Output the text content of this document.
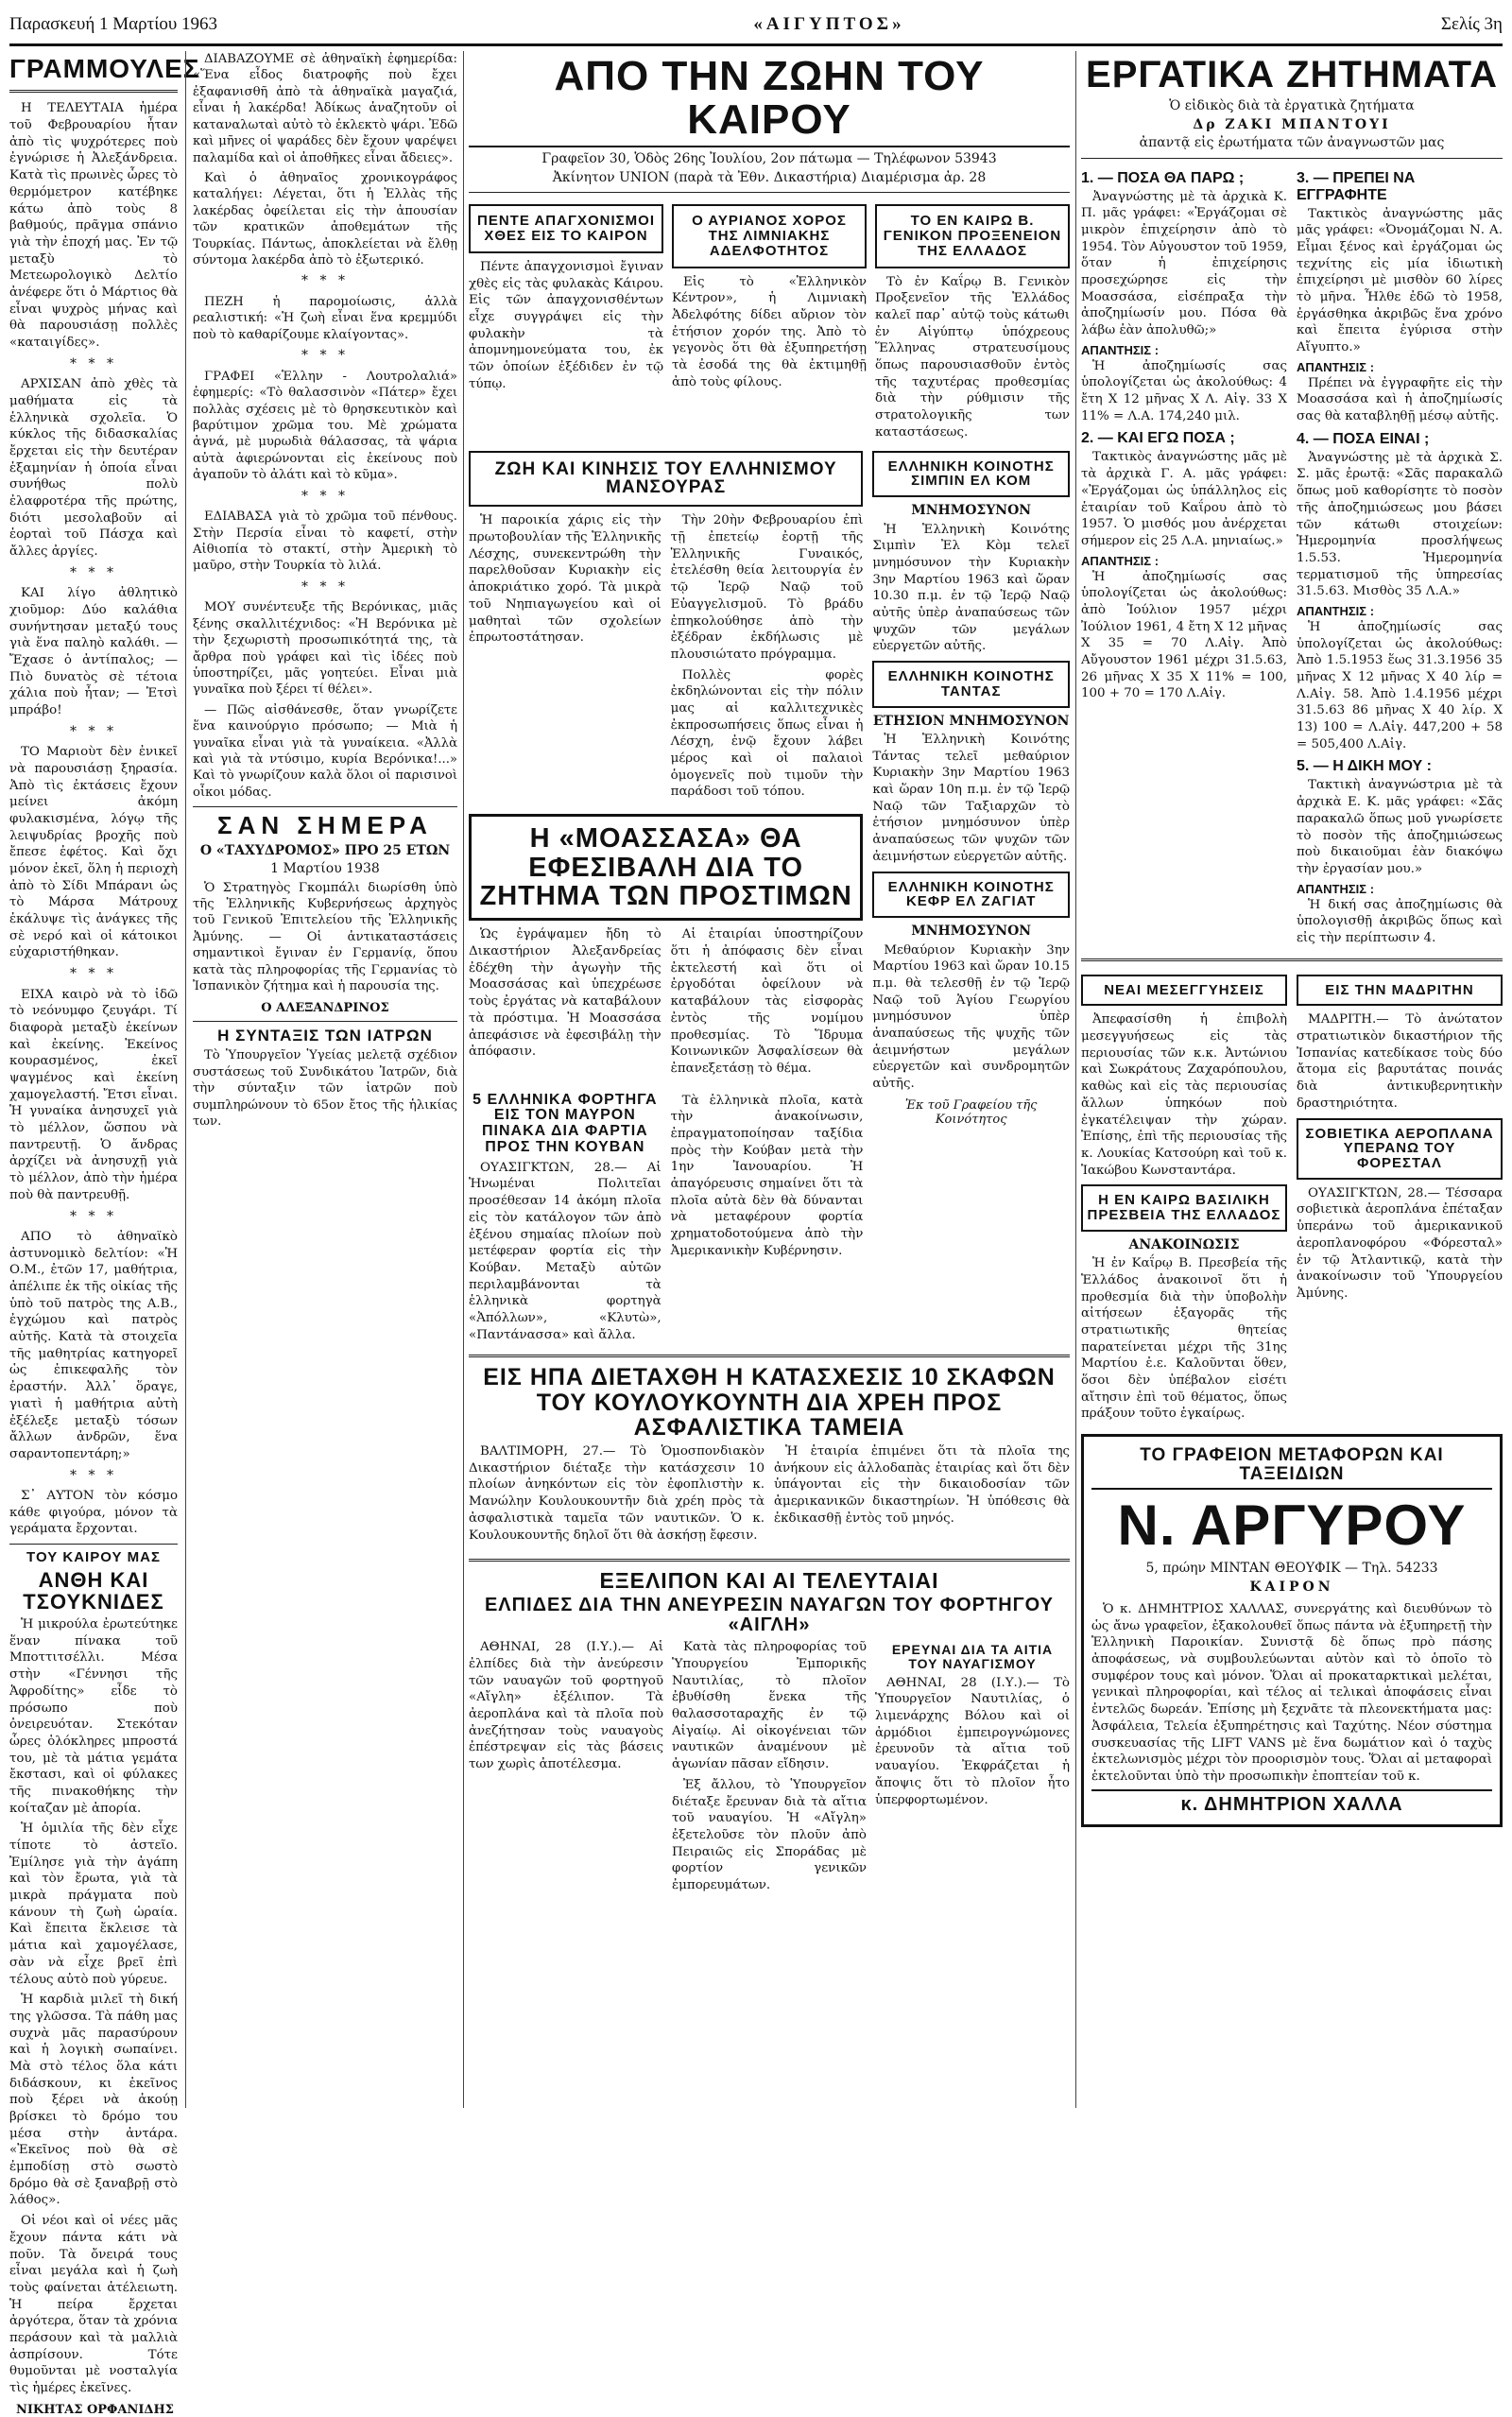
Παρασκευή 1 Μαρτίου 1963	«ΑΙΓΥΠΤΟΣ»	Σελίς 3η
ΓΡΑΜΜΟΥΛΕΣ

Η ΤΕΛΕΥΤΑΙΑ ἡμέρα τοῦ Φεβρουαρίου ἦταν ἀπὸ τὶς ψυχρότερες ποὺ ἐγνώρισε ἡ Ἀλεξάνδρεια. Κατὰ τὶς πρωινὲς ὧρες τὸ θερμόμετρον κατέβηκε κάτω ἀπὸ τοὺς 8 βαθμούς, πρᾶγμα σπάνιο γιὰ τὴν ἐποχή μας. Ἐν τῷ μεταξὺ τὸ Μετεωρολογικὸ Δελτίο ἀνέφερε ὅτι ὁ Μάρτιος θὰ εἶναι ψυχρὸς μήνας καὶ θὰ παρουσιάσῃ πολλὲς «καταιγίδες».

* * *

ΑΡΧΙΣΑΝ ἀπὸ χθὲς τὰ μαθήματα εἰς τὰ ἑλληνικὰ σχολεῖα. Ὁ κύκλος τῆς διδασκαλίας ἔρχεται εἰς τὴν δευτέραν ἑξαμηνίαν ἡ ὁποία εἶναι συνήθως πολὺ ἐλαφροτέρα τῆς πρώτης, διότι μεσολαβοῦν αἱ ἑορταὶ τοῦ Πάσχα καὶ ἄλλες ἀργίες.

* * *

ΚΑΙ λίγο ἀθλητικὸ χιοῦμορ: Δύο καλάθια συνήντησαν μεταξύ τους γιὰ ἕνα παληὸ καλάθι. — Ἔχασε ὁ ἀντίπαλος; — Πιὸ δυνατὸς σὲ τέτοια χάλια ποὺ ἦταν; — Ἐτσὶ μπράβο!

* * *

ΤΟ Μαριοὺτ δὲν ἐνικεῖ νὰ παρουσιάσῃ ξηρασία. Ἀπὸ τὶς ἐκτάσεις ἔχουν μείνει ἀκόμη φυλακισμένα, λόγῳ τῆς λειψυδρίας βροχῆς ποὺ ἔπεσε ἐφέτος. Καὶ ὄχι μόνον ἐκεῖ, ὅλη ἡ περιοχὴ ἀπὸ τὸ Σίδι Μπάρανι ὡς τὸ Μάρσα Μάτρουχ ἐκάλυψε τὶς ἀνάγκες τῆς σὲ νερό καὶ οἱ κάτοικοι εὐχαριστήθηκαν.

* * *

ΕΙΧΑ καιρὸ νὰ τὸ ἰδῶ τὸ νεόνυμφο ζευγάρι. Τί διαφορὰ μεταξὺ ἐκείνων καὶ ἐκείνης. Ἐκείνος κουρασμένος, ἐκεῖ ψαγμένος καὶ ἐκείνη χαμογελαστή. Ἔτσι εἶναι. Ἡ γυναίκα ἀνησυχεῖ γιὰ τὸ μέλλον, ὥσπου νὰ παντρευτῇ. Ὁ ἄνδρας ἀρχίζει νὰ ἀνησυχῇ γιὰ τὸ μέλλον, ἀπὸ τὴν ἡμέρα ποὺ θὰ παντρευθῇ.

* * *

ΑΠΟ τὸ ἀθηναϊκὸ ἀστυνομικὸ δελτίον: «Ἡ Ο.Μ., ἐτῶν 17, μαθήτρια, ἀπέλιπε ἐκ τῆς οἰκίας τῆς ὑπὸ τοῦ πατρὸς της Α.Β., ἐγχώμου καὶ πατρὸς αὐτῆς. Κατὰ τὰ στοιχεῖα τῆς μαθητρίας κατηγορεῖ ὡς ἐπικεφαλῆς τὸν ἐραστήν. Ἀλλ᾽ ὅραγε, γιατὶ ἡ μαθήτρια αὐτὴ ἐξέλεξε μεταξὺ τόσων ἄλλων ἀνδρῶν, ἕνα σαραντοπεντάρη;»

* * *

Σ᾽ ΑΥΤΟΝ τὸν κόσμο κάθε φιγούρα, μόνον τὰ γεράματα ἔρχονται.

ΤΟΥ ΚΑΙΡΟΥ ΜΑΣ
ΑΝΘΗ ΚΑΙ ΤΣΟΥΚΝΙΔΕΣ

Ἡ μικρούλα ἐρωτεύτηκε ἕναν πίνακα τοῦ Μποττιτσέλλι. Μέσα στὴν «Γέννησι τῆς Ἀφροδίτης» εἶδε τὸ πρόσωπο ποὺ ὀνειρευόταν. Στεκόταν ὧρες ὁλόκληρες μπροστά του, μὲ τὰ μάτια γεμάτα ἔκστασι, καὶ οἱ φύλακες τῆς πινακοθήκης τὴν κοίταζαν μὲ ἀπορία.

Ἡ ὁμιλία τῆς δὲν εἶχε τίποτε τὸ ἀστεῖο. Ἐμίλησε γιὰ τὴν ἀγάπη καὶ τὸν ἔρωτα, γιὰ τὰ μικρὰ πράγματα ποὺ κάνουν τὴ ζωὴ ὡραία. Καὶ ἔπειτα ἔκλεισε τὰ μάτια καὶ χαμογέλασε, σὰν νὰ εἶχε βρεῖ ἐπὶ τέλους αὐτὸ ποὺ γύρευε.

Ἡ καρδιὰ μιλεῖ τὴ δική της γλῶσσα. Τὰ πάθη μας συχνὰ μᾶς παρασύρουν καὶ ἡ λογικὴ σωπαίνει. Μὰ στὸ τέλος ὅλα κάτι διδάσκουν, κι ἐκεῖνος ποὺ ξέρει νὰ ἀκούῃ βρίσκει τὸ δρόμο του μέσα στὴν ἀντάρα. «Ἐκεῖνος ποὺ θὰ σὲ ἐμποδίσῃ στὸ σωστὸ δρόμο θὰ σὲ ξαναβρῇ στὸ λάθος».

Οἱ νέοι καὶ οἱ νέες μᾶς ἔχουν πάντα κάτι νὰ ποῦν. Τὰ ὄνειρά τους εἶναι μεγάλα καὶ ἡ ζωὴ τοὺς φαίνεται ἀτέλειωτη. Ἡ πείρα ἔρχεται ἀργότερα, ὅταν τὰ χρόνια περάσουν καὶ τὰ μαλλιὰ ἀσπρίσουν. Τότε θυμοῦνται μὲ νοσταλγία τὶς ἡμέρες ἐκεῖνες.

ΝΙΚΗΤΑΣ ΟΡΦΑΝΙΔΗΣ

ΔΙΑΒΑΖΟΥΜΕ σὲ ἀθηναϊκὴ ἐφημερίδα: «Ἕνα εἶδος διατροφῆς ποὺ ἔχει ἐξαφανισθῆ ἀπὸ τὰ ἀθηναϊκὰ μαγαζιά, εἶναι ἡ λακέρδα! Ἀδίκως ἀναζητοῦν οἱ καταναλωταὶ αὐτὸ τὸ ἐκλεκτὸ ψάρι. Ἐδῶ καὶ μῆνες οἱ ψαράδες δὲν ἔχουν ψαρέψει παλαμίδα καὶ οἱ ἀποθῆκες εἶναι ἄδειες».

Καὶ ὁ ἀθηναῖος χρονικογράφος καταλήγει: Λέγεται, ὅτι ἡ Ἑλλὰς τῆς λακέρδας ὀφείλεται εἰς τὴν ἀπουσίαν τῶν κρατικῶν ἀποθεμάτων τῆς Τουρκίας. Πάντως, ἀποκλείεται νὰ ἔλθῃ σύντομα λακέρδα ἀπὸ τὸ ἐξωτερικό.

* * *

ΠΕΖΗ ἡ παρομοίωσις, ἀλλὰ ρεαλιστική: «Ἡ ζωὴ εἶναι ἕνα κρεμμύδι ποὺ τὸ καθαρίζουμε κλαίγοντας».

* * *

ΓΡΑΦΕΙ «Ἑλλην - Λουτρολαλιά» ἐφημερίς: «Τὸ θαλασσινὸν «Πάτερ» ἔχει πολλὰς σχέσεις μὲ τὸ θρησκευτικὸν καὶ βαρύτιμον χρῶμα του. Μὲ χρώματα ἁγνά, μὲ μυρωδιὰ θάλασσας, τὰ ψάρια αὐτὰ ἀφιερώνονται εἰς ἐκείνους ποὺ ἀγαποῦν τὸ ἀλάτι καὶ τὸ κῦμα».

* * *

ΕΔΙΑΒΑΣΑ γιὰ τὸ χρῶμα τοῦ πένθους. Στὴν Περσία εἶναι τὸ καφετί, στὴν Αἰθιοπία τὸ στακτί, στὴν Ἀμερικὴ τὸ μαῦρο, στὴν Τουρκία τὸ λιλά.

* * *

ΜΟΥ συνέντευξε τῆς Βερόνικας, μιᾶς ξένης σκαλλιτέχνιδος: «Ἡ Βερόνικα μὲ τὴν ξεχωριστὴ προσωπικότητά της, τὰ ἄρθρα ποὺ γράφει καὶ τὶς ἰδέες ποὺ ὑποστηρίζει, μᾶς γοητεύει. Εἶναι μιὰ γυναῖκα ποὺ ξέρει τί θέλει».

— Πῶς αἰσθάνεσθε, ὅταν γνωρίζετε ἕνα καινούργιο πρόσωπο; — Μιὰ ἡ γυναῖκα εἶναι γιὰ τὰ γυναίκεια. «Ἀλλὰ καὶ γιὰ τὰ ντύσιμο, κυρία Βερόνικα!...» Καὶ τὸ γνωρίζουν καλὰ ὅλοι οἱ παρισινοὶ οἶκοι μόδας.

ΣΑΝ ΣΗΜΕΡΑ
Ο «ΤΑΧΥΔΡΟΜΟΣ» ΠΡΟ 25 ΕΤΩΝ
1 Μαρτίου 1938

Ὁ Στρατηγὸς Γκομπάλι διωρίσθη ὑπὸ τῆς Ἑλληνικῆς Κυβερνήσεως ἀρχηγὸς τοῦ Γενικοῦ Ἐπιτελείου τῆς Ἑλληνικῆς Ἀμύνης. — Οἱ ἀντικαταστάσεις σημαντικοὶ ἔγιναν ἐν Γερμανίᾳ, ὅπου κατὰ τὰς πληροφορίας τῆς Γερμανίας τὸ Ἰσπανικὸν ζήτημα καὶ ἡ παρουσία της.

Ο ΑΛΕΞΑΝΔΡΙΝΟΣ
Η ΣΥΝΤΑΞΙΣ ΤΩΝ ΙΑΤΡΩΝ

Τὸ Ὑπουργεῖον Ὑγείας μελετᾷ σχέδιον συστάσεως τοῦ Συνδικάτου Ἰατρῶν, διὰ τὴν σύνταξιν τῶν ἰατρῶν ποὺ συμπληρώνουν τὸ 65ον ἔτος τῆς ἡλικίας των.

ΑΠΟ ΤΗΝ ΖΩΗΝ ΤΟΥ ΚΑΙΡΟΥ
Γραφεῖον 30, Ὁδὸς 26ης Ἰουλίου, 2ον πάτωμα — Τηλέφωνον 53943
Ἀκίνητον UNION (παρὰ τὰ Ἐθν. Δικαστήρια) Διαμέρισμα ἀρ. 28
ΠΕΝΤΕ ΑΠΑΓΧΟΝΙΣΜΟΙ ΧΘΕΣ ΕΙΣ ΤΟ ΚΑΙΡΟΝ

Πέντε ἀπαγχονισμοὶ ἔγιναν χθὲς εἰς τὰς φυλακὰς Κάιρου. Εἰς τῶν ἀπαγχονισθέντων εἶχε συγγράψει εἰς τὴν φυλακὴν τὰ ἀπομνημονεύματα του, ἐκ τῶν ὁποίων ἐξέδιδεν ἐν τῷ τύπῳ.

Ο ΑΥΡΙΑΝΟΣ ΧΟΡΟΣ ΤΗΣ ΛΙΜΝΙΑΚΗΣ ΑΔΕΛΦΟΤΗΤΟΣ

Εἰς τὸ «Ἑλληνικὸν Κέντρον», ἡ Λιμνιακὴ Ἀδελφότης δίδει αὔριον τὸν ἐτήσιον χορόν της. Ἀπὸ τὸ γεγονὸς ὅτι θὰ ἐξυπηρετήσῃ τὰ ἐσοδά της θὰ ἐκτιμηθῇ ἀπὸ τοὺς φίλους.

ΤΟ ΕΝ ΚΑΙΡΩ Β. ΓΕΝΙΚΟΝ ΠΡΟΞΕΝΕΙΟΝ ΤΗΣ ΕΛΛΑΔΟΣ

Τὸ ἐν Καΐρῳ Β. Γενικὸν Προξενεῖον τῆς Ἑλλάδος καλεῖ παρ᾽ αὐτῷ τοὺς κάτωθι ἐν Αἰγύπτῳ ὑπόχρεους Ἕλληνας στρατευσίμους ὅπως παρουσιασθοῦν ἐντὸς τῆς ταχυτέρας προθεσμίας διὰ τὴν ρύθμισιν τῆς στρατολογικῆς των καταστάσεως.

ΖΩΗ ΚΑΙ ΚΙΝΗΣΙΣ ΤΟΥ ΕΛΛΗΝΙΣΜΟΥ ΜΑΝΣΟΥΡΑΣ

Ἡ παροικία χάρις εἰς τὴν πρωτοβουλίαν τῆς Ἑλληνικῆς Λέσχης, συνεκεντρώθη τὴν παρελθοῦσαν Κυριακὴν εἰς ἀποκριάτικο χορό. Τὰ μικρὰ τοῦ Νηπιαγωγείου καὶ οἱ μαθηταὶ τῶν σχολείων ἐπρωτοστάτησαν.

Τὴν 20ὴν Φεβρουαρίου ἐπὶ τῇ ἐπετείῳ ἐορτῇ τῆς Ἑλληνικῆς Γυναικός, ἐτελέσθη θεία λειτουργία ἐν τῷ Ἱερῷ Ναῷ τοῦ Εὐαγγελισμοῦ. Τὸ βράδυ ἐπηκολούθησε ἀπὸ τὴν ἐξέδραν ἐκδήλωσις μὲ πλουσιώτατο πρόγραμμα.

Πολλὲς φορὲς ἐκδηλώνονται εἰς τὴν πόλιν μας αἱ καλλιτεχνικὲς ἐκπροσωπήσεις ὅπως εἶναι ἡ Λέσχη, ἐνῷ ἔχουν λάβει μέρος καὶ οἱ παλαιοὶ ὁμογενεῖς ποὺ τιμοῦν τὴν παράδοσι τοῦ τόπου.

Η «ΜΟΑΣΣΑΣΑ» ΘΑ ΕΦΕΣΙΒΑΛΗ ΔΙΑ ΤΟ ΖΗΤΗΜΑ ΤΩΝ ΠΡΟΣΤΙΜΩΝ

Ὡς ἐγράψαμεν ἤδη τὸ Δικαστήριον Ἀλεξανδρείας ἐδέχθη τὴν ἀγωγὴν τῆς Μοασσάσας καὶ ὑπεχρέωσε τοὺς ἐργάτας νὰ καταβάλουν τὰ πρόστιμα. Ἡ Μοασσάσα ἀπεφάσισε νὰ ἐφεσιβάλῃ τὴν ἀπόφασιν.

Αἱ ἑταιρίαι ὑποστηρίζουν ὅτι ἡ ἀπόφασις δὲν εἶναι ἐκτελεστή καὶ ὅτι οἱ ἐργοδόται ὀφείλουν νὰ καταβάλουν τὰς εἰσφορὰς ἐντὸς τῆς νομίμου προθεσμίας. Τὸ Ἵδρυμα Κοινωνικῶν Ἀσφαλίσεων θὰ ἐπανεξετάσῃ τὸ θέμα.

5 ΕΛΛΗΝΙΚΑ ΦΟΡΤΗΓΑ ΕΙΣ ΤΟΝ ΜΑΥΡΟΝ ΠΙΝΑΚΑ ΔΙΑ ΦΑΡΤΙΑ ΠΡΟΣ ΤΗΝ ΚΟΥΒΑΝ

ΟΥΑΣΙΓΚΤΩΝ, 28.— Αἱ Ἡνωμέναι Πολιτεῖαι προσέθεσαν 14 ἀκόμη πλοῖα εἰς τὸν κατάλογον τῶν ἀπὸ ἐξένου σημαίας πλοίων ποὺ μετέφεραν φορτία εἰς τὴν Κούβαν. Μεταξὺ αὐτῶν περιλαμβάνονται τὰ ἑλληνικὰ φορτηγὰ «Ἀπόλλων», «Κλυτὼ», «Παντάνασσα» καὶ ἄλλα.

Τὰ ἑλληνικὰ πλοῖα, κατὰ τὴν ἀνακοίνωσιν, ἐπραγματοποίησαν ταξίδια πρὸς τὴν Κούβαν μετὰ τὴν 1ην Ἰανουαρίου. Ἡ ἀπαγόρευσις σημαίνει ὅτι τὰ πλοῖα αὐτὰ δὲν θὰ δύνανται νὰ μεταφέρουν φορτία χρηματοδοτούμενα ἀπὸ τὴν Ἀμερικανικὴν Κυβέρνησιν.

ΕΛΛΗΝΙΚΗ ΚΟΙΝΟΤΗΣ ΣΙΜΠΙΝ ΕΛ ΚΟΜ
ΜΝΗΜΟΣΥΝΟΝ

Ἡ Ἑλληνικὴ Κοινότης Σιμπὶν Ἐλ Κὸμ τελεῖ μνημόσυνον τὴν Κυριακὴν 3ην Μαρτίου 1963 καὶ ὥραν 10.30 π.μ. ἐν τῷ Ἱερῷ Ναῷ αὐτῆς ὑπὲρ ἀναπαύσεως τῶν ψυχῶν τῶν μεγάλων εὐεργετῶν αὐτῆς.

ΕΛΛΗΝΙΚΗ ΚΟΙΝΟΤΗΣ ΤΑΝΤΑΣ
ΕΤΗΣΙΟΝ ΜΝΗΜΟΣΥΝΟΝ

Ἡ Ἑλληνικὴ Κοινότης Τάντας τελεῖ μεθαύριον Κυριακὴν 3ην Μαρτίου 1963 καὶ ὥραν 10η π.μ. ἐν τῷ Ἱερῷ Ναῷ τῶν Ταξιαρχῶν τὸ ἐτήσιον μνημόσυνον ὑπὲρ ἀναπαύσεως τῶν ψυχῶν τῶν ἀειμνήστων εὐεργετῶν αὐτῆς.

ΕΛΛΗΝΙΚΗ ΚΟΙΝΟΤΗΣ ΚΕΦΡ ΕΛ ΖΑΓΙΑΤ
ΜΝΗΜΟΣΥΝΟΝ

Μεθαύριον Κυριακὴν 3ην Μαρτίου 1963 καὶ ὥραν 10.15 π.μ. θὰ τελεσθῇ ἐν τῷ Ἱερῷ Ναῷ τοῦ Ἁγίου Γεωργίου μνημόσυνον ὑπὲρ ἀναπαύσεως τῆς ψυχῆς τῶν ἀειμνήστων μεγάλων εὐεργετῶν καὶ συνδρομητῶν αὐτῆς.

Ἐκ τοῦ Γραφείου τῆς Κοινότητος
ΕΙΣ ΗΠΑ ΔΙΕΤΑΧΘΗ Η ΚΑΤΑΣΧΕΣΙΣ 10 ΣΚΑΦΩΝ ΤΟΥ ΚΟΥΛΟΥΚΟΥΝΤΗ ΔΙΑ ΧΡΕΗ ΠΡΟΣ ΑΣΦΑΛΙΣΤΙΚΑ ΤΑΜΕΙΑ

ΒΑΛΤΙΜΟΡΗ, 27.— Τὸ Ὁμοσπονδιακὸν Δικαστήριον διέταξε τὴν κατάσχεσιν 10 πλοίων ἀνηκόντων εἰς τὸν ἐφοπλιστὴν κ. Μανώλην Κουλουκουντῆν διὰ χρέη πρὸς τὰ ἀσφαλιστικὰ ταμεῖα τῶν ναυτικῶν. Ὁ κ. Κουλουκουντῆς δηλοῖ ὅτι θὰ ἀσκήσῃ ἔφεσιν.

Ἡ ἑταιρία ἐπιμένει ὅτι τὰ πλοῖα της ἀνήκουν εἰς ἀλλοδαπὰς ἑταιρίας καὶ ὅτι δὲν ὑπάγονται εἰς τὴν δικαιοδοσίαν τῶν ἀμερικανικῶν δικαστηρίων. Ἡ ὑπόθεσις θὰ ἐκδικασθῇ ἐντὸς τοῦ μηνός.

ΕΞΕΛΙΠΟΝ ΚΑΙ ΑΙ ΤΕΛΕΥΤΑΙΑΙ
ΕΛΠΙΔΕΣ ΔΙΑ ΤΗΝ ΑΝΕΥΡΕΣΙΝ ΝΑΥΑΓΩΝ ΤΟΥ ΦΟΡΤΗΓΟΥ «ΑΙΓΛΗ»

ΑΘΗΝΑΙ, 28 (Ι.Υ.).— Αἱ ἐλπίδες διὰ τὴν ἀνεύρεσιν τῶν ναυαγῶν τοῦ φορτηγοῦ «Αἴγλη» ἐξέλιπον. Τὰ ἀεροπλάνα καὶ τὰ πλοῖα ποὺ ἀνεζήτησαν τοὺς ναυαγοὺς ἐπέστρεψαν εἰς τὰς βάσεις των χωρὶς ἀποτέλεσμα.

Κατὰ τὰς πληροφορίας τοῦ Ὑπουργείου Ἐμπορικῆς Ναυτιλίας, τὸ πλοῖον ἐβυθίσθη ἕνεκα τῆς θαλασσοταραχῆς ἐν τῷ Αἰγαίῳ. Αἱ οἰκογένειαι τῶν ναυτικῶν ἀναμένουν μὲ ἀγωνίαν πᾶσαν εἴδησιν.

Ἐξ ἄλλου, τὸ Ὑπουργεῖον διέταξε ἔρευναν διὰ τὰ αἴτια τοῦ ναυαγίου. Ἡ «Αἴγλη» ἐξετελοῦσε τὸν πλοῦν ἀπὸ Πειραιῶς εἰς Σποράδας μὲ φορτίον γενικῶν ἐμπορευμάτων.

ΕΡΕΥΝΑΙ ΔΙΑ ΤΑ ΑΙΤΙΑ ΤΟΥ ΝΑΥΑΓΙΣΜΟΥ

ΑΘΗΝΑΙ, 28 (Ι.Υ.).— Τὸ Ὑπουργεῖον Ναυτιλίας, ὁ λιμενάρχης Βόλου καὶ οἱ ἁρμόδιοι ἐμπειρογνώμονες ἐρευνοῦν τὰ αἴτια τοῦ ναυαγίου. Ἐκφράζεται ἡ ἄποψις ὅτι τὸ πλοῖον ἦτο ὑπερφορτωμένον.

ΕΡΓΑΤΙΚΑ ΖΗΤΗΜΑΤΑ
Ὁ εἰδικὸς διὰ τὰ ἐργατικὰ ζητήματα
Δρ ΖΑΚΙ ΜΠΑΝΤΟΥΙ
ἀπαντᾷ εἰς ἐρωτήματα τῶν ἀναγνωστῶν μας
1. — ΠΟΣΑ ΘΑ ΠΑΡΩ ;

Ἀναγνώστης μὲ τὰ ἀρχικὰ Κ. Π. μᾶς γράφει: «Ἐργάζομαι σὲ μικρὸν ἐπιχείρησιν ἀπὸ τὸ 1954. Τὸν Αὐγουστον τοῦ 1959, ὅταν ἡ ἐπιχείρησις προσεχώρησε εἰς τὴν Μοασσάσα, εἰσέπραξα τὴν ἀποζημίωσίν μου. Πόσα θὰ λάβω ἐὰν ἀπολυθῶ;»

ΑΠΑΝΤΗΣΙΣ :

Ἡ ἀποζημίωσίς σας ὑπολογίζεται ὡς ἀκολούθως: 4 ἔτη Χ 12 μῆνας Χ Λ. Αἰγ. 33 Χ 11% = Λ.Α. 174,240 μιλ.

2. — ΚΑΙ ΕΓΩ ΠΟΣΑ ;

Τακτικὸς ἀναγνώστης μᾶς μὲ τὰ ἀρχικὰ Γ. Α. μᾶς γράφει: «Ἐργάζομαι ὡς ὑπάλληλος εἰς ἑταιρίαν τοῦ Καΐρου ἀπὸ τὸ 1957. Ὁ μισθός μου ἀνέρχεται σήμερον εἰς 25 Λ.Α. μηνιαίως.»

ΑΠΑΝΤΗΣΙΣ :

Ἡ ἀποζημίωσίς σας ὑπολογίζεται ὡς ἀκολούθως: ἀπὸ Ἰούλιον 1957 μέχρι Ἰούλιον 1961, 4 ἔτη Χ 12 μῆνας Χ 35 = 70 Λ.Αἰγ. Ἀπὸ Αὔγουστον 1961 μέχρι 31.5.63, 26 μῆνας Χ 35 Χ 11% = 100, 100 + 70 = 170 Λ.Αἰγ.

3. — ΠΡΕΠΕΙ ΝΑ ΕΓΓΡΑΦΗΤΕ

Τακτικὸς ἀναγνώστης μᾶς μᾶς γράφει: «Ὀνομάζομαι Ν. Α. Εἶμαι ξένος καὶ ἐργάζομαι ὡς τεχνίτης εἰς μία ἰδιωτικὴ ἐπιχείρησι μὲ μισθὸν 60 λίρες τὸ μῆνα. Ἦλθε ἐδῶ τὸ 1958, ἐργάσθηκα ἀκριβῶς ἕνα χρόνο καὶ ἔπειτα ἐγύρισα στὴν Αἴγυπτο.»

ΑΠΑΝΤΗΣΙΣ :

Πρέπει νὰ ἐγγραφῆτε εἰς τὴν Μοασσάσα καὶ ἡ ἀποζημίωσίς σας θὰ καταβληθῇ μέσῳ αὐτῆς.

4. — ΠΟΣΑ ΕΙΝΑΙ ;

Ἀναγνώστης μὲ τὰ ἀρχικὰ Σ. Σ. μᾶς ἐρωτᾷ: «Σᾶς παρακαλῶ ὅπως μοῦ καθορίσητε τὸ ποσὸν τῆς ἀποζημιώσεως μου βάσει τῶν κάτωθι στοιχείων: Ἡμερομηνία προσλήψεως 1.5.53. Ἡμερομηνία τερματισμοῦ τῆς ὑπηρεσίας 31.5.63. Μισθὸς 35 Λ.Α.»

ΑΠΑΝΤΗΣΙΣ :

Ἡ ἀποζημίωσίς σας ὑπολογίζεται ὡς ἀκολούθως: Ἀπὸ 1.5.1953 ἕως 31.3.1956 35 μῆνας Χ 12 μῆνας Χ 40 λίρ = Λ.Αἰγ. 58. Ἀπὸ 1.4.1956 μέχρι 31.5.63 86 μῆνας Χ 40 λίρ. Χ 13) 100 = Λ.Αἰγ. 447,200 + 58 = 505,400 Λ.Αἰγ.

5. — Η ΔΙΚΗ ΜΟΥ :

Τακτικὴ ἀναγνώστρια μὲ τὰ ἀρχικὰ Ε. Κ. μᾶς γράφει: «Σᾶς παρακαλῶ ὅπως μοῦ γνωρίσετε τὸ ποσὸν τῆς ἀποζημιώσεως ποὺ δικαιοῦμαι ἐὰν διακόψω τὴν ἐργασίαν μου.»

ΑΠΑΝΤΗΣΙΣ :

Ἡ δική σας ἀποζημίωσις θὰ ὑπολογισθῇ ἀκριβῶς ὅπως καὶ εἰς τὴν περίπτωσιν 4.

ΝΕΑΙ ΜΕΣΕΓΓΥΗΣΕΙΣ

Ἀπεφασίσθη ἡ ἐπιβολὴ μεσεγγυήσεως εἰς τὰς περιουσίας τῶν κ.κ. Ἀντώνιου καὶ Σωκράτους Ζαχαρόπουλου, καθὼς καὶ εἰς τὰς περιουσίας ἄλλων ὑπηκόων ποὺ ἐγκατέλειψαν τὴν χώραν. Ἐπίσης, ἐπὶ τῆς περιουσίας τῆς κ. Λουκίας Κατσούρη καὶ τοῦ κ. Ἰακώβου Κωνσταντάρα.

Η ΕΝ ΚΑΙΡΩ ΒΑΣΙΛΙΚΗ ΠΡΕΣΒΕΙΑ ΤΗΣ ΕΛΛΑΔΟΣ
ΑΝΑΚΟΙΝΩΣΙΣ

Ἡ ἐν Καΐρῳ Β. Πρεσβεία τῆς Ἑλλάδος ἀνακοινοῖ ὅτι ἡ προθεσμία διὰ τὴν ὑποβολὴν αἰτήσεων ἐξαγορᾶς τῆς στρατιωτικῆς θητείας παρατείνεται μέχρι τῆς 31ης Μαρτίου ἐ.ε. Καλοῦνται ὅθεν, ὅσοι δὲν ὑπέβαλον εἰσέτι αἴτησιν ἐπὶ τοῦ θέματος, ὅπως πράξουν τοῦτο ἐγκαίρως.

ΕΙΣ ΤΗΝ ΜΑΔΡΙΤΗΝ

ΜΑΔΡΙΤΗ.— Τὸ ἀνώτατον στρατιωτικὸν δικαστήριον τῆς Ἰσπανίας κατεδίκασε τοὺς δύο ἄτομα εἰς βαρυτάτας ποινάς διὰ ἀντικυβερνητικὴν δραστηριότητα.

ΣΟΒΙΕΤΙΚΑ ΑΕΡΟΠΛΑΝΑ ΥΠΕΡΑΝΩ ΤΟΥ ΦΟΡΕΣΤΑΛ

ΟΥΑΣΙΓΚΤΩΝ, 28.— Τέσσαρα σοβιετικὰ ἀεροπλάνα ἐπέταξαν ὑπεράνω τοῦ ἀμερικανικοῦ ἀεροπλανοφόρου «Φόρεσταλ» ἐν τῷ Ἀτλαντικῷ, κατὰ τὴν ἀνακοίνωσιν τοῦ Ὑπουργείου Ἀμύνης.

ΤΟ ΓΡΑΦΕΙΟΝ ΜΕΤΑΦΟΡΩΝ ΚΑΙ ΤΑΞΕΙΔΙΩΝ
Ν. ΑΡΓΥΡΟΥ
5, πρώην ΜΙΝΤΑΝ ΘΕΟΥΦΙΚ — Τηλ. 54233
ΚΑΙΡΟΝ

Ὁ κ. ΔΗΜΗΤΡΙΟΣ ΧΑΛΛΑΣ, συνεργάτης καὶ διευθύνων τὸ ὡς ἄνω γραφεῖον, ἐξακολουθεῖ ὅπως πάντα νὰ ἐξυπηρετῇ τὴν Ἑλληνικὴ Παροικίαν. Συνιστᾷ δὲ ὅπως πρὸ πάσης ἀποφάσεως, νὰ συμβουλεύωνται αὐτὸν καὶ τὸ ὁποῖο τὸ συμφέρον τους καὶ μόνον. Ὅλαι αἱ προκαταρκτικαὶ μελέται, γενικαὶ πληροφορίαι, καὶ τέλος αἱ τελικαὶ ἀποφάσεις εἶναι ἐντελῶς δωρεάν. Ἐπίσης μὴ ξεχνᾶτε τὰ πλεονεκτήματα μας: Ἀσφάλεια, Τελεία ἐξυπηρέτησις καὶ Ταχύτης. Νέον σύστημα συσκευασίας τῆς LIFT VANS μὲ ἕνα δωμάτιον καὶ ὁ ταχὺς ἐκτελωνισμὸς μέχρι τὸν προορισμὸν τους. Ὅλαι αἱ μεταφοραὶ ἐκτελοῦνται ὑπὸ τὴν προσωπικὴν ἐποπτείαν τοῦ κ.

κ. ΔΗΜΗΤΡΙΟΝ ΧΑΛΛΑ
